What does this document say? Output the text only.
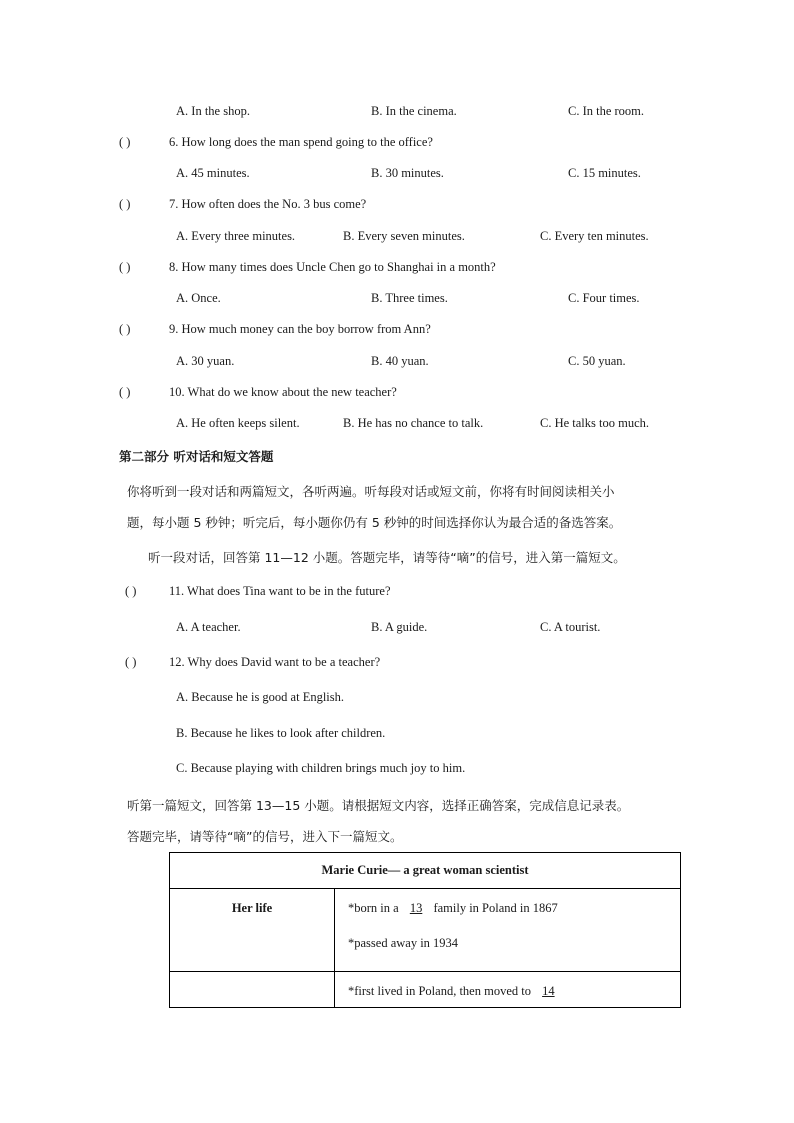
A. In the shop.	B. In the cinema.	C. In the room.
( )	6. How long does the man spend going to the office?
A. 45 minutes.	B. 30 minutes.	C. 15 minutes.
( )	7. How often does the No. 3 bus come?
A. Every three minutes.	B. Every seven minutes.	C. Every ten minutes.
( )	8. How many times does Uncle Chen go to Shanghai in a month?
A. Once.	B. Three times.	C. Four times.
( )	9. How much money can the boy borrow from Ann?
A. 30 yuan.	B. 40 yuan.	C. 50 yuan.
( )	10. What do we know about the new teacher?
A. He often keeps silent.	B. He has no chance to talk.	C. He talks too much.
第二部分 听对话和短文答题
你将听到一段对话和两篇短文，各听两遍。听每段对话或短文前，你将有时间阅读相关小
题，每小题 5 秒钟；听完后，每小题你仍有 5 秒钟的时间选择你认为最合适的备选答案。
听一段对话，回答第 11—12 小题。答题完毕，请等待“嘀”的信号，进入第一篇短文。
( )	11. What does Tina want to be in the future?
A. A teacher.	B. A guide.	C. A tourist.
( )	12. Why does David want to be a teacher?
A. Because he is good at English.
B. Because he likes to look after children.
C. Because playing with children brings much joy to him.
听第一篇短文，回答第 13—15 小题。请根据短文内容，选择正确答案，完成信息记录表。
答题完毕，请等待“嘀”的信号，进入下一篇短文。
Marie Curie— a great woman scientist	
Her life	*born in a 13 family in Poland in 1867
*passed away in 1934

	*first lived in Poland, then moved to 14
